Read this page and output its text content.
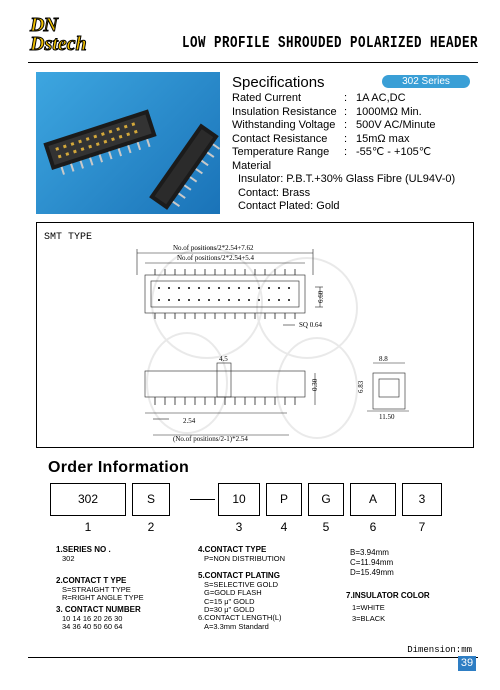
DN
Dstech	LOW PROFILE SHROUDED POLARIZED HEADER
Specifications	302 Series
Rated Current	: 1A AC,DC
Insulation Resistance : 1000MΩ Min.
Withstanding Voltage : 500V AC/Minute
Contact Resistance	: 15mΩ max
Temperature Range	: -55℃ - +105℃
Material
Insulator: P.B.T.+30% Glass Fibre (UL94V-0)
Contact: Brass
Contact Plated: Gold
No.of positions/2*2.54+7.62
No.of positions/2*2.54+5.4
6.60
SQ 0.64
4.5	8.8
0.30	6.83
11.50
2.54
(No.of positions/2-1)*2.54
SMT TYPE
Order Information
302	S	10	P	G	A	3
1	2	3	4	5	6	7
1.SERIES NO .
302
2.CONTACT T YPE
S=STRAIGHT TYPE
R=RIGHT ANGLE TYPE
3. CONTACT NUMBER
10 14 16 20 26 30
34 36 40 50 60 64
4.CONTACT TYPE
P=NON DISTRIBUTION
5.CONTACT PLATING
S=SELECTIVE GOLD
G=GOLD FLASH
C=15 μ" GOLD
D=30 μ" GOLD
6.CONTACT LENGTH(L)
A=3.3mm Standard
B=3.94mm
C=11.94mm
D=15.49mm
7.INSULATOR COLOR
1=WHITE
3=BLACK
Dimension:mm
39
